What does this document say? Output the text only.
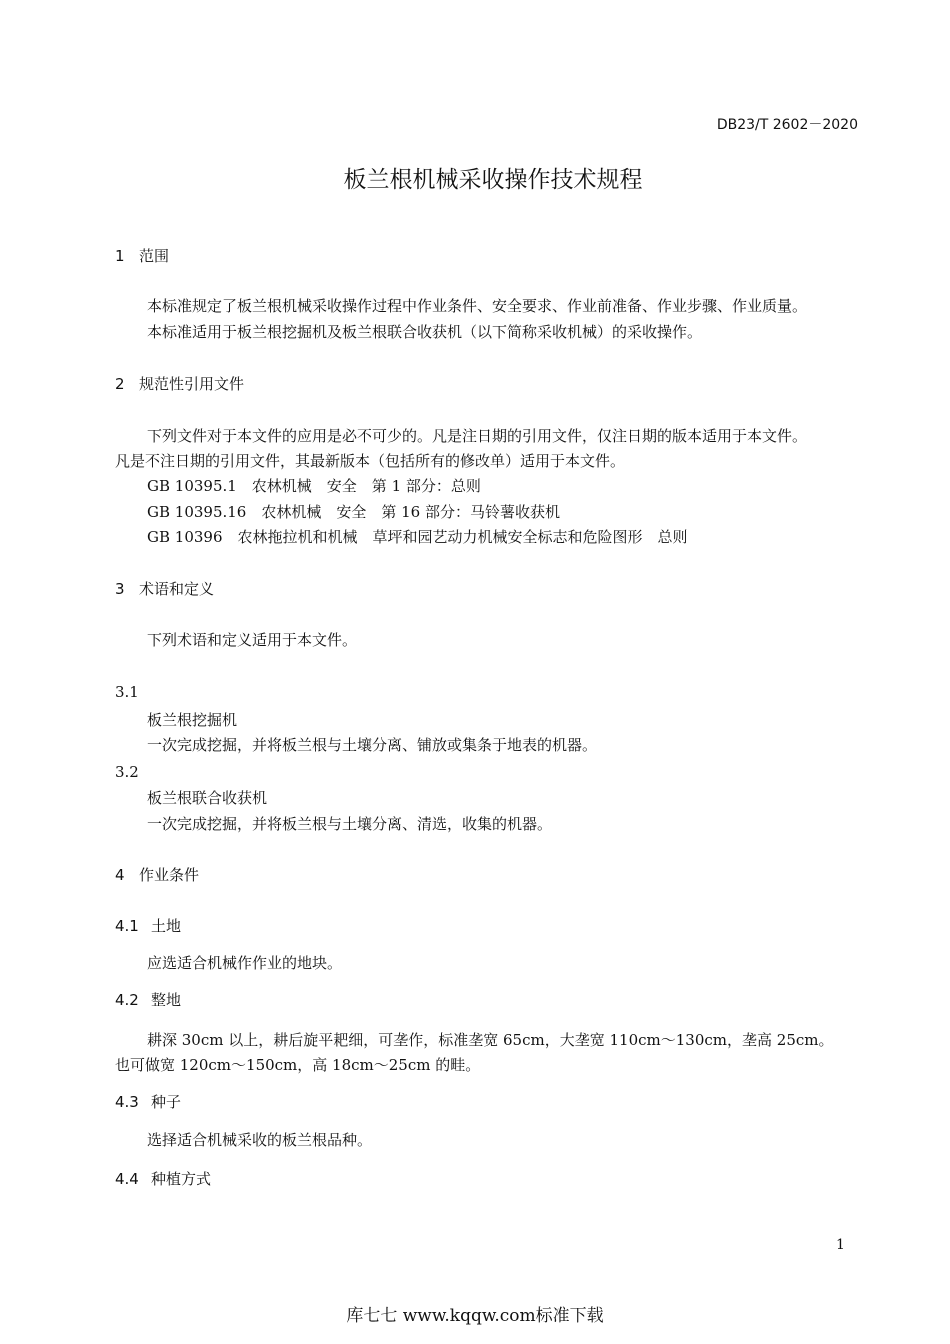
DB23/T 2602－2020
板兰根机械采收操作技术规程
1 范围
本标准规定了板兰根机械采收操作过程中作业条件、安全要求、作业前准备、作业步骤、作业质量。
本标准适用于板兰根挖掘机及板兰根联合收获机（以下简称采收机械）的采收操作。
2 规范性引用文件
下列文件对于本文件的应用是必不可少的。凡是注日期的引用文件，仅注日期的版本适用于本文件。
凡是不注日期的引用文件，其最新版本（包括所有的修改单）适用于本文件。
GB 10395.1　农林机械　安全　第 1 部分：总则
GB 10395.16　农林机械　安全　第 16 部分：马铃薯收获机
GB 10396　农林拖拉机和机械　草坪和园艺动力机械安全标志和危险图形　总则
3 术语和定义
下列术语和定义适用于本文件。
3.1
板兰根挖掘机
一次完成挖掘，并将板兰根与土壤分离、铺放或集条于地表的机器。
3.2
板兰根联合收获机
一次完成挖掘，并将板兰根与土壤分离、清选，收集的机器。
4 作业条件
4.1 土地
应选适合机械作作业的地块。
4.2 整地
耕深 30cm 以上，耕后旋平耙细，可垄作，标准垄宽 65cm，大垄宽 110cm～130cm，垄高 25cm。
也可做宽 120cm～150cm，高 18cm～25cm 的畦。
4.3 种子
选择适合机械采收的板兰根品种。
4.4 种植方式
1
库七七 www.kqqw.com标准下载
